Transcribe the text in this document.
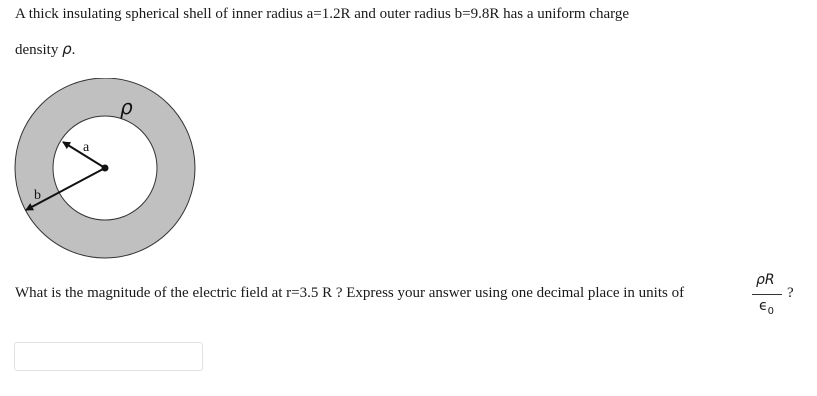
A thick insulating spherical shell of inner radius a=1.2R and outer radius b=9.8R has a uniform charge
density ρ.
ρ
a
b
What is the magnitude of the electric field at r=3.5 R ? Express your answer using one decimal place in units of
ρR
$\epsilon_0$
?
